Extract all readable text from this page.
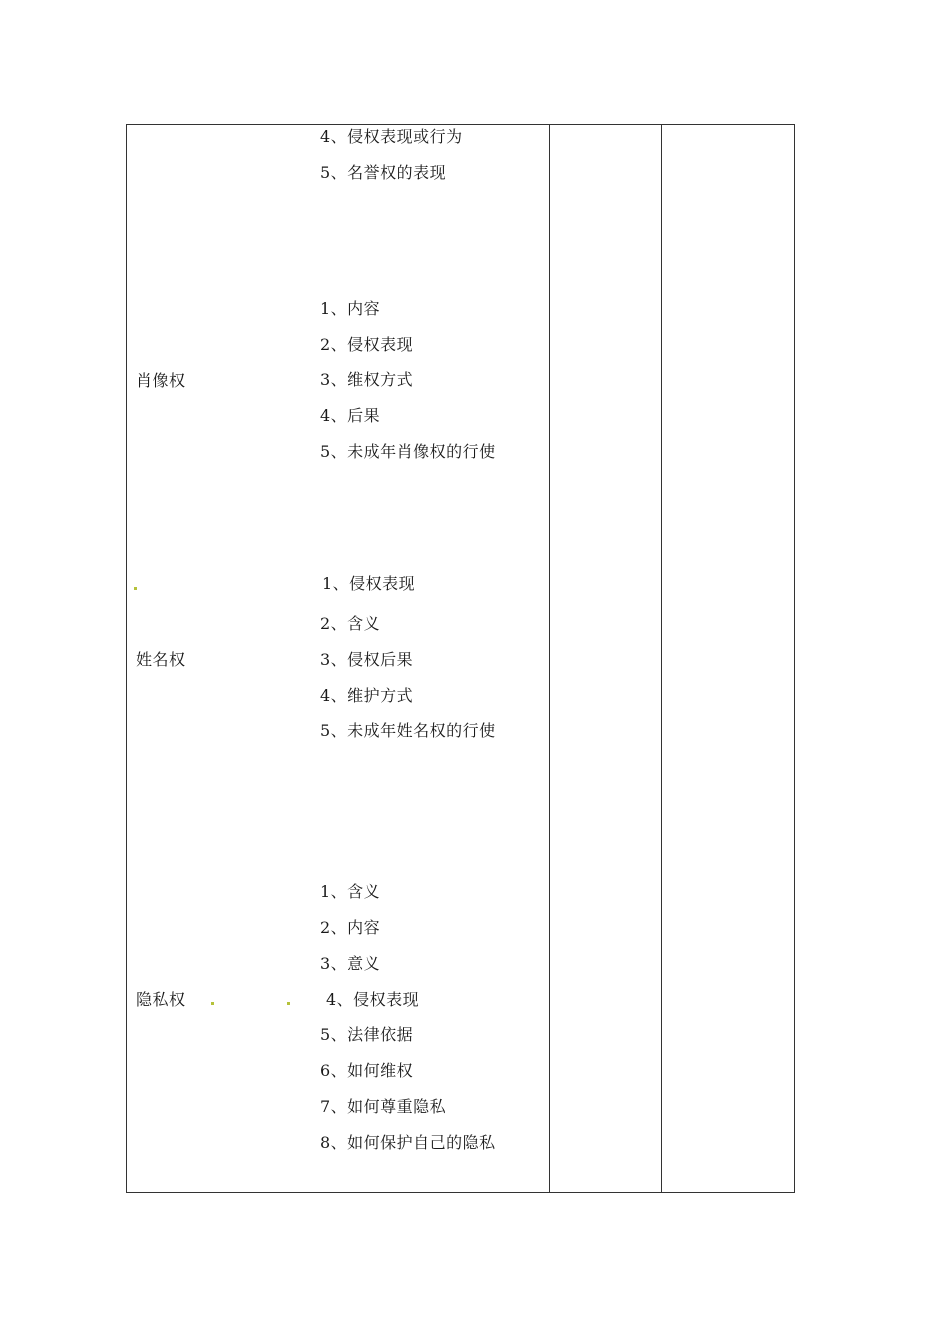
4、侵权表现或行为
5、名誉权的表现
肖像权
1、内容
2、侵权表现
3、维权方式
4、后果
5、未成年肖像权的行使
姓名权
1、侵权表现
2、含义
3、侵权后果
4、维护方式
5、未成年姓名权的行使
隐私权
1、含义
2、内容
3、意义
4、侵权表现
5、法律依据
6、如何维权
7、如何尊重隐私
8、如何保护自己的隐私
